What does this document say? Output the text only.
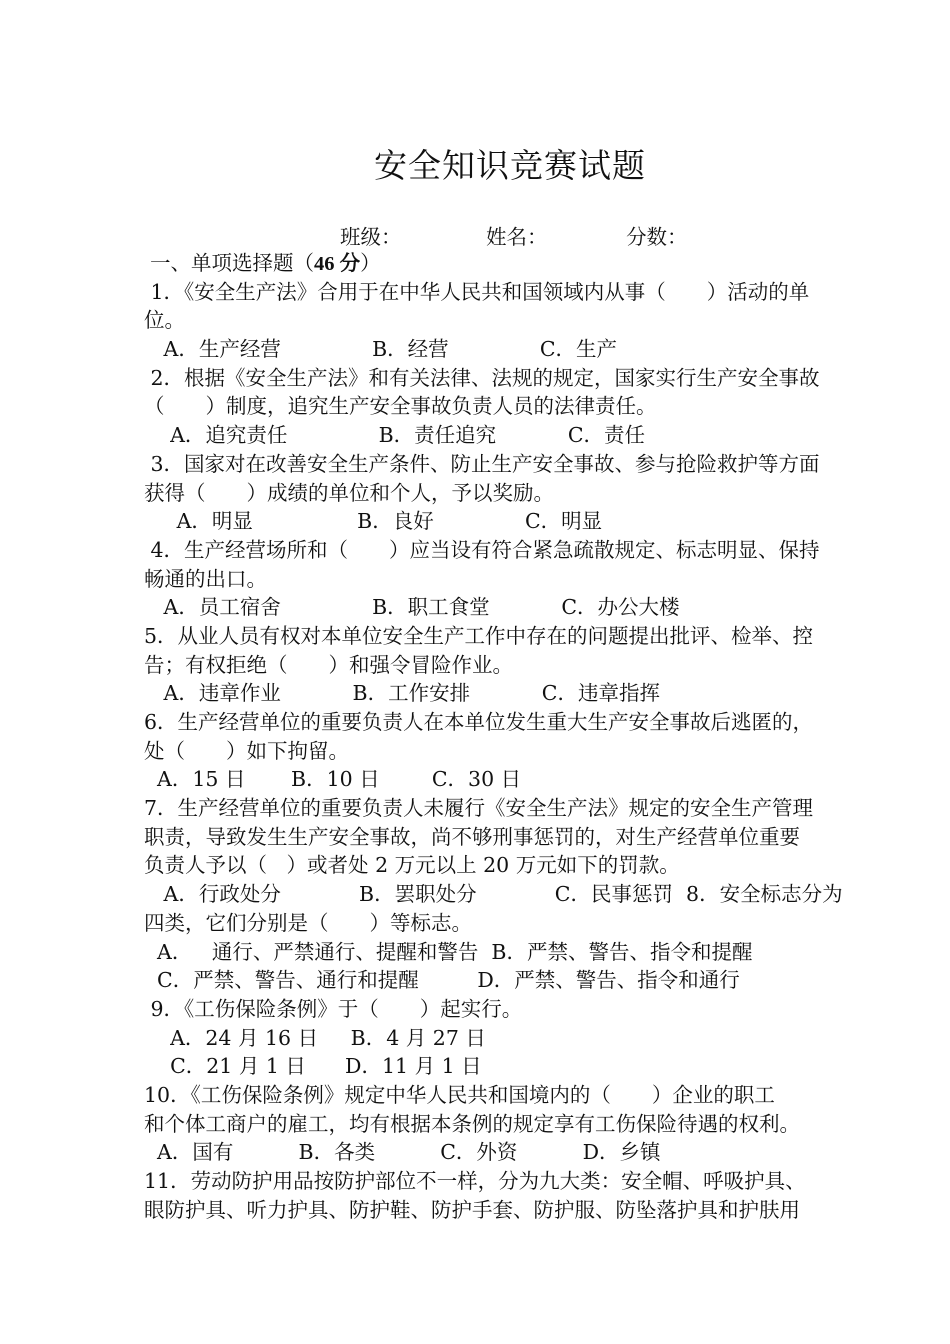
安全知识竞赛试题
班级：	姓名：	分数：
一、单项选择题（46 分）
1．《安全生产法》合用于在中华人民共和国领域内从事（　　）活动的单
位。
A．生产经营              B．经营              C．生产
2．根据《安全生产法》和有关法律、法规的规定，国家实行生产安全事故
（　　）制度，追究生产安全事故负责人员的法律责任。
A．追究责任              B．责任追究           C．责任
3．国家对在改善安全生产条件、防止生产安全事故、参与抢险救护等方面
获得（　　）成绩的单位和个人，予以奖励。
A．明显                B．良好              C．明显
4．生产经营场所和（　　）应当设有符合紧急疏散规定、标志明显、保持
畅通的出口。
A．员工宿舍              B．职工食堂           C．办公大楼
5．从业人员有权对本单位安全生产工作中存在的问题提出批评、检举、控
告；有权拒绝（　　）和强令冒险作业。
A．违章作业           B．工作安排           C．违章指挥
6．生产经营单位的重要负责人在本单位发生重大生产安全事故后逃匿的，
处（　　）如下拘留。
A．15 日       B．10 日        C．30 日
7．生产经营单位的重要负责人未履行《安全生产法》规定的安全生产管理
职责，导致发生生产安全事故，尚不够刑事惩罚的，对生产经营单位重要
负责人予以（   ）或者处 2 万元以上 20 万元如下的罚款。
A．行政处分            B．罢职处分            C．民事惩罚  8．安全标志分为
四类，它们分别是（　　）等标志。
A．   通行、严禁通行、提醒和警告  B．严禁、警告、指令和提醒
C．严禁、警告、通行和提醒         D．严禁、警告、指令和通行
9．《工伤保险条例》于（　　）起实行。
A．24 月 16 日     B．4 月 27 日
C．21 月 1 日      D．11 月 1 日
10．《工伤保险条例》规定中华人民共和国境内的（　　）企业的职工
和个体工商户的雇工，均有根据本条例的规定享有工伤保险待遇的权利。
A．国有          B．各类          C．外资          D．乡镇
11．劳动防护用品按防护部位不一样，分为九大类：安全帽、呼吸护具、
眼防护具、听力护具、防护鞋、防护手套、防护服、防坠落护具和护肤用
